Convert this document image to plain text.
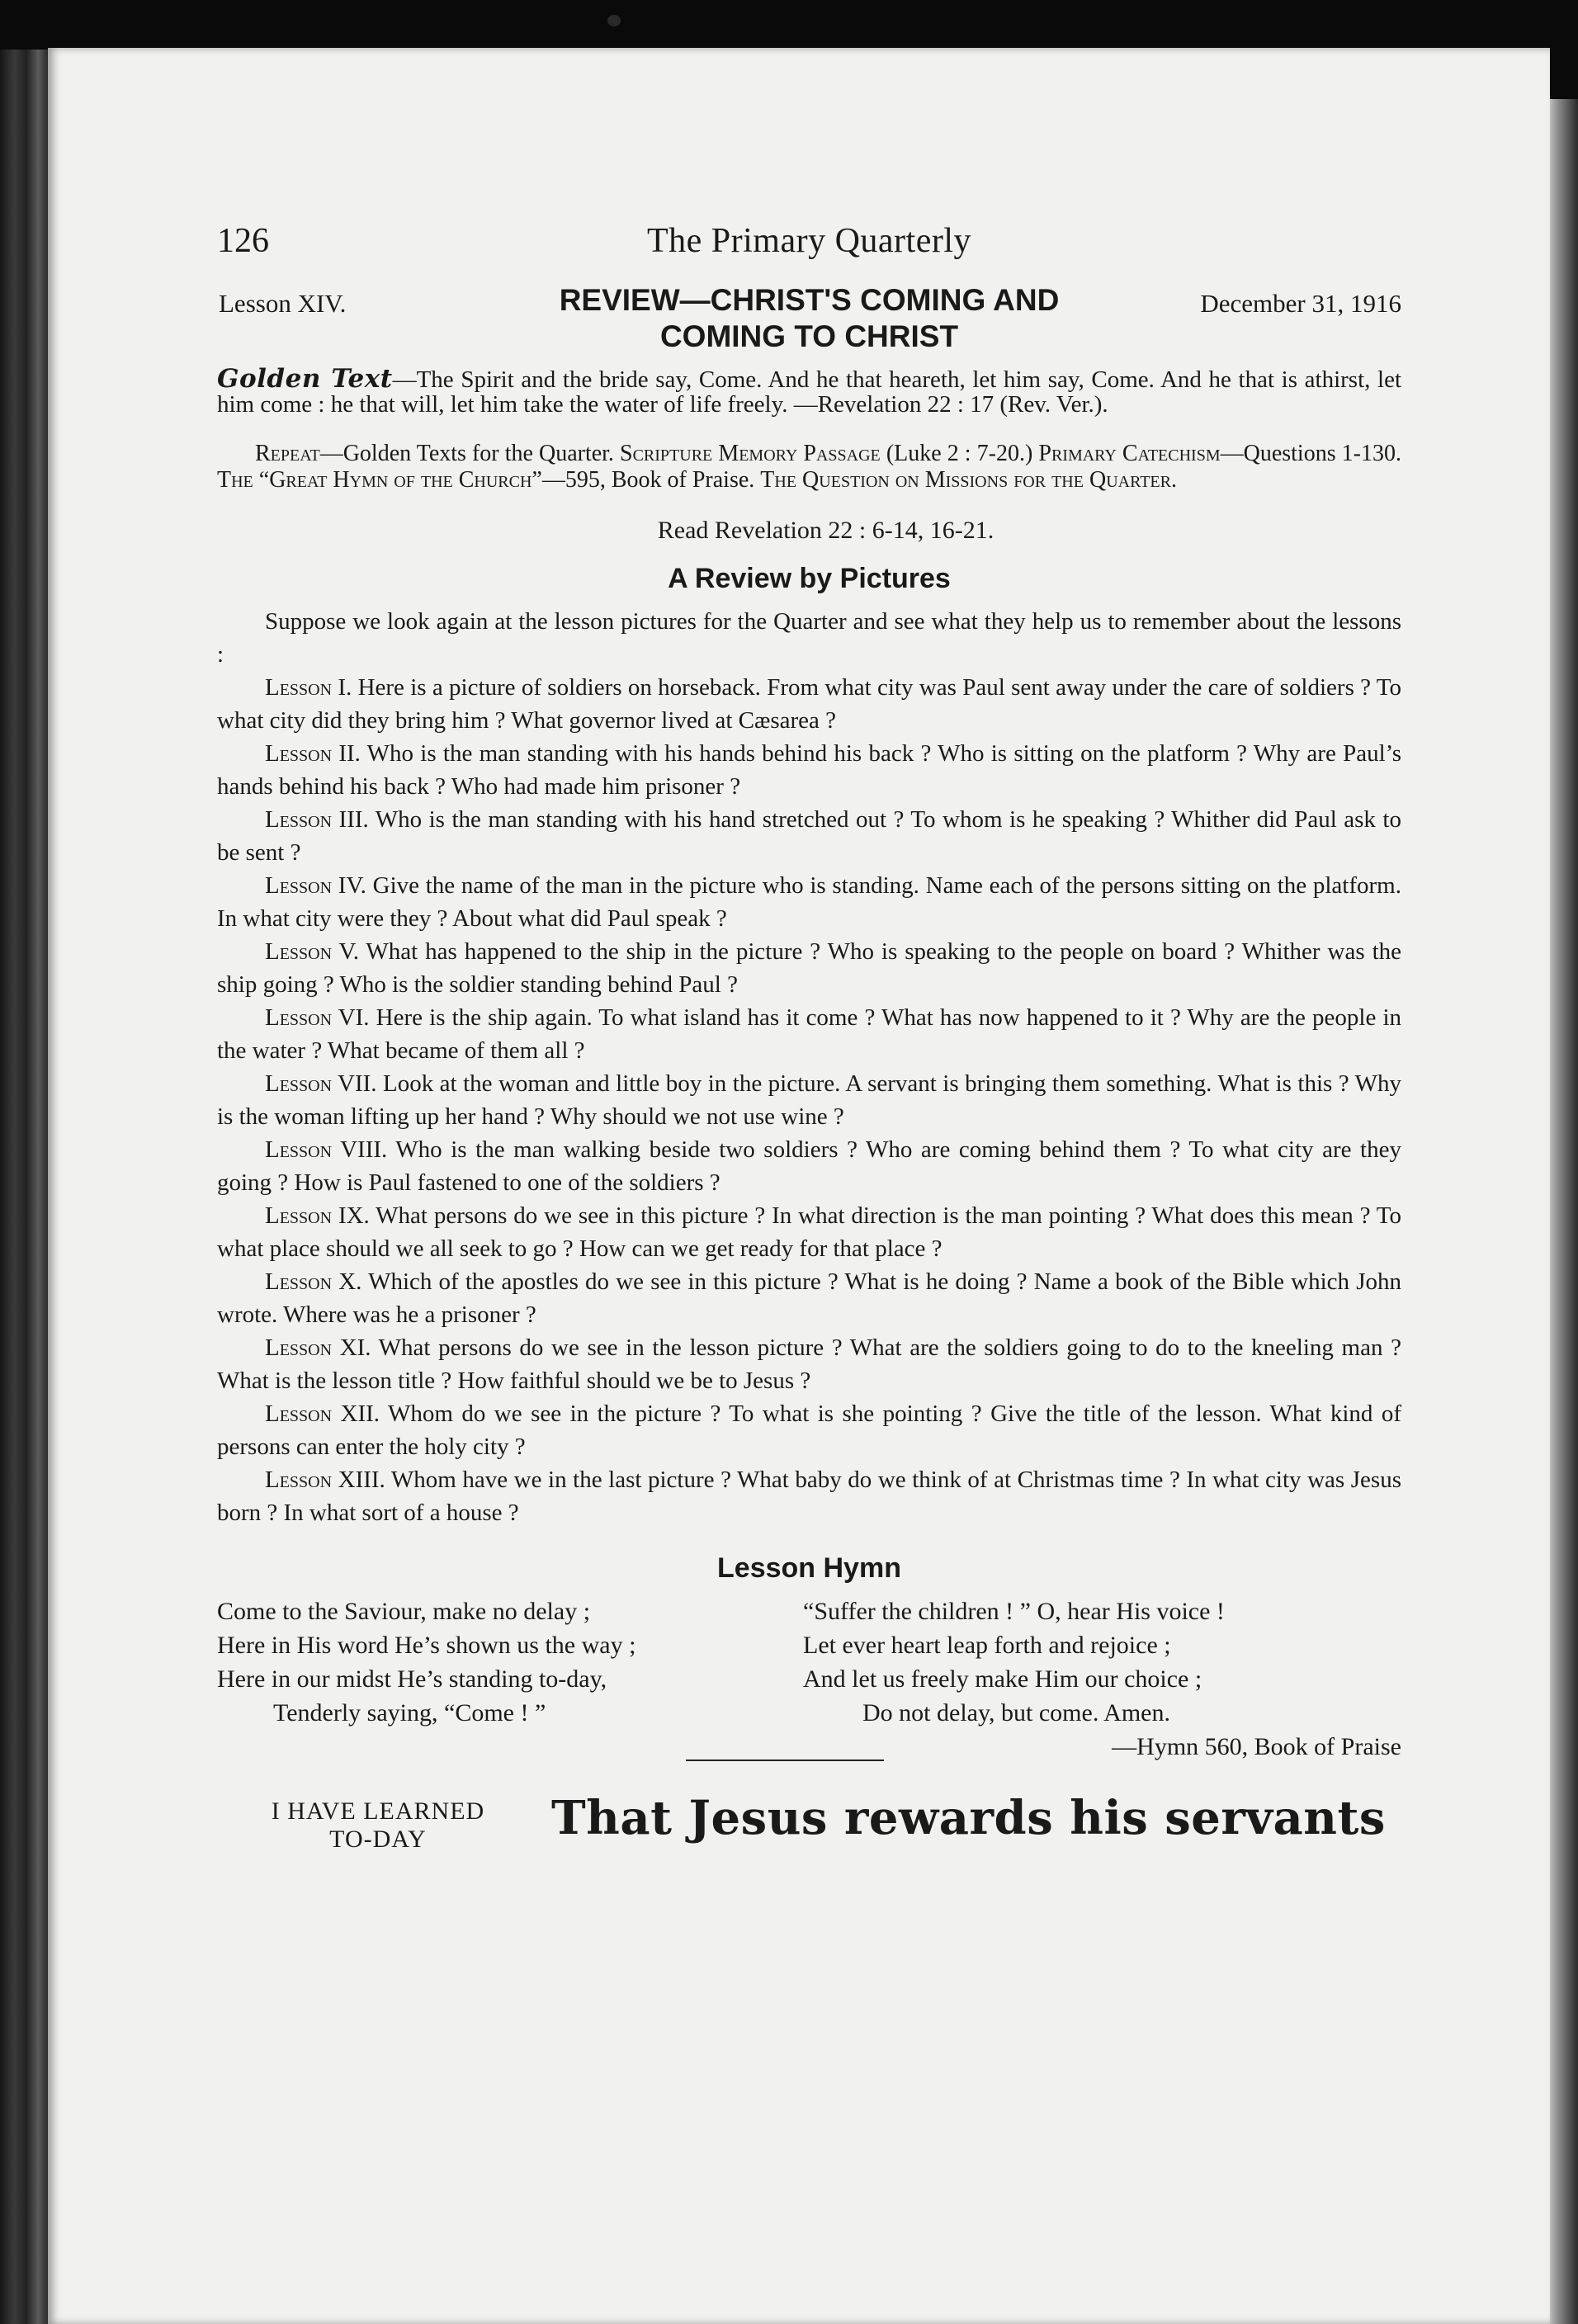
126	The Primary Quarterly
Lesson XIV.	REVIEW—CHRIST'S COMING AND
COMING TO CHRIST
December 31, 1916

Golden Text—The Spirit and the bride say, Come. And he that heareth, let him say, Come. And he that is athirst, let him come : he that will, let him take the water of life freely. —Revelation 22 : 17 (Rev. Ver.).

Repeat—Golden Texts for the Quarter. Scripture Memory Passage (Luke 2 : 7-20.) Primary Catechism—Questions 1-130. The “Great Hymn of the Church”—595, Book of Praise. The Question on Missions for the Quarter.

Read Revelation 22 : 6-14, 16-21.
A Review by Pictures

Suppose we look again at the lesson pictures for the Quarter and see what they help us to remember about the lessons :

Lesson I. Here is a picture of soldiers on horseback. From what city was Paul sent away under the care of soldiers ? To what city did they bring him ? What governor lived at Cæsarea ?

Lesson II. Who is the man standing with his hands behind his back ? Who is sitting on the platform ? Why are Paul’s hands behind his back ? Who had made him prisoner ?

Lesson III. Who is the man standing with his hand stretched out ? To whom is he speaking ? Whither did Paul ask to be sent ?

Lesson IV. Give the name of the man in the picture who is standing. Name each of the persons sitting on the platform. In what city were they ? About what did Paul speak ?

Lesson V. What has happened to the ship in the picture ? Who is speaking to the people on board ? Whither was the ship going ? Who is the soldier standing behind Paul ?

Lesson VI. Here is the ship again. To what island has it come ? What has now happened to it ? Why are the people in the water ? What became of them all ?

Lesson VII. Look at the woman and little boy in the picture. A servant is bringing them something. What is this ? Why is the woman lifting up her hand ? Why should we not use wine ?

Lesson VIII. Who is the man walking beside two soldiers ? Who are coming behind them ? To what city are they going ? How is Paul fastened to one of the soldiers ?

Lesson IX. What persons do we see in this picture ? In what direction is the man pointing ? What does this mean ? To what place should we all seek to go ? How can we get ready for that place ?

Lesson X. Which of the apostles do we see in this picture ? What is he doing ? Name a book of the Bible which John wrote. Where was he a prisoner ?

Lesson XI. What persons do we see in the lesson picture ? What are the soldiers going to do to the kneeling man ? What is the lesson title ? How faithful should we be to Jesus ?

Lesson XII. Whom do we see in the picture ? To what is she pointing ? Give the title of the lesson. What kind of persons can enter the holy city ?

Lesson XIII. Whom have we in the last picture ? What baby do we think of at Christmas time ? In what city was Jesus born ? In what sort of a house ?

Lesson Hymn
Come to the Saviour, make no delay ;
Here in His word He’s shown us the way ;
Here in our midst He’s standing to-day,
Tenderly saying, “Come ! ”
“Suffer the children ! ” O, hear His voice !
Let ever heart leap forth and rejoice ;
And let us freely make Him our choice ;
Do not delay, but come. Amen.
—Hymn 560, Book of Praise
I HAVE LEARNED
TO-DAY	That Jesus rewards his servants
